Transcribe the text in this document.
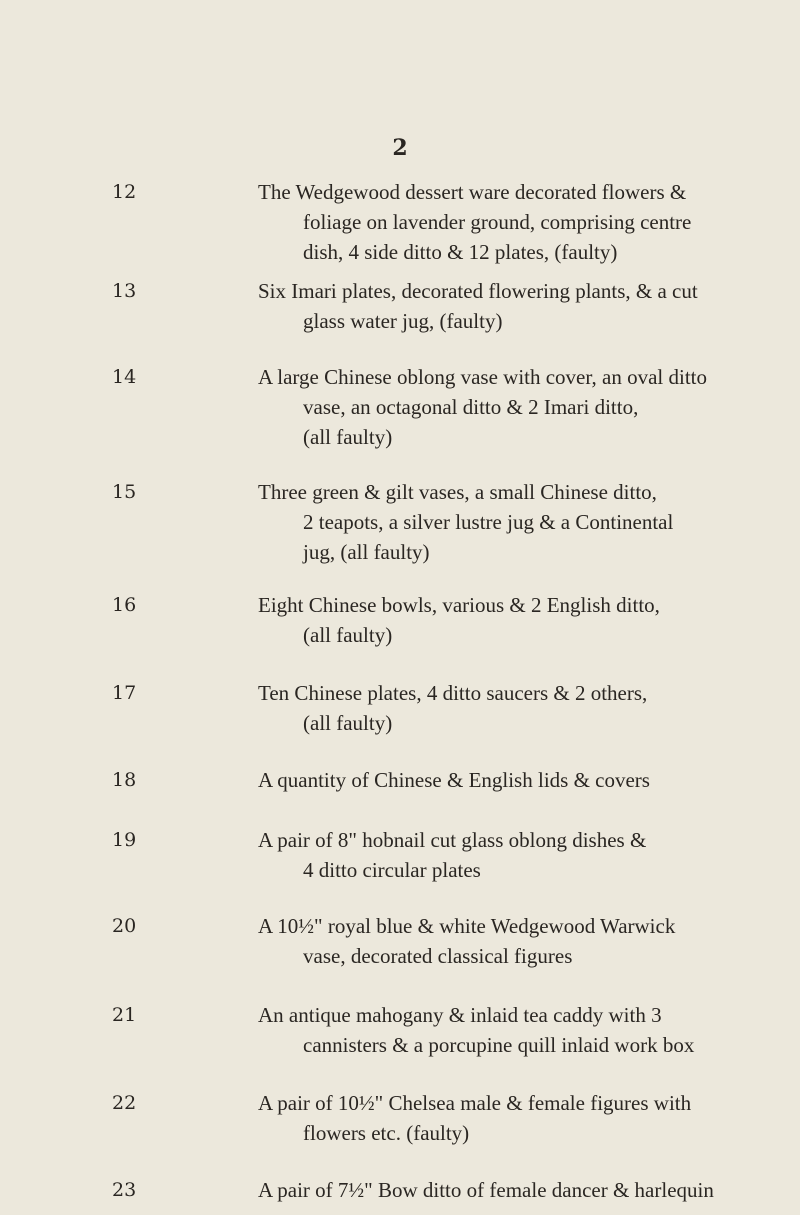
2
12	The Wedgewood dessert ware decorated flowers &
foliage on lavender ground, comprising centre
dish, 4 side ditto & 12 plates, (faulty)
13	Six Imari plates, decorated flowering plants, & a cut
glass water jug, (faulty)
14	A large Chinese oblong vase with cover, an oval ditto
vase, an octagonal ditto & 2 Imari ditto,
(all faulty)
15	Three green & gilt vases, a small Chinese ditto,
2 teapots, a silver lustre jug & a Continental
jug, (all faulty)
16	Eight Chinese bowls, various & 2 English ditto,
(all faulty)
17	Ten Chinese plates, 4 ditto saucers & 2 others,
(all faulty)
18	A quantity of Chinese & English lids & covers
19	A pair of 8" hobnail cut glass oblong dishes &
4 ditto circular plates
20	A 10½" royal blue & white Wedgewood Warwick
vase, decorated classical figures
21	An antique mahogany & inlaid tea caddy with 3
cannisters & a porcupine quill inlaid work box
22	A pair of 10½" Chelsea male & female figures with
flowers etc. (faulty)
23	A pair of 7½" Bow ditto of female dancer & harlequin
